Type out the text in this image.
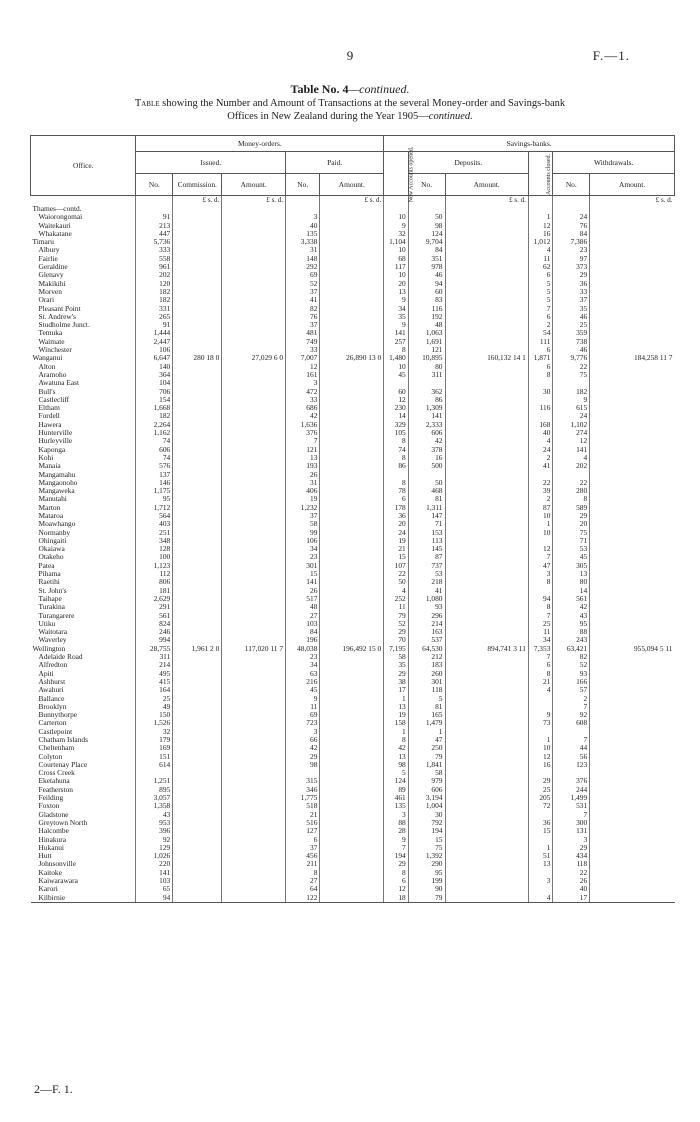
9	F.—1.
Table No. 4—continued.
Table showing the Number and Amount of Transactions at the several Money-order and Savings-bank
Offices in New Zealand during the Year 1905—continued.
Office.	Money-orders.					Savings-banks.					
	Issued.			Paid.		New Accounts opened.	Deposits.		Accounts closed.	Withdrawals.	
	No.	Commission.	Amount.	No.	Amount.		No.	Amount.		No.	Amount.
		£ s. d.	£ s. d.		£ s. d.			£ s. d.			£ s. d.
Thames—contd.											
Waiorongomai	91			3		10	50		1	24	
Waitekauri	213			40		9	98		12	76	
Whakatane	447			135		32	124		16	84	
Timaru	5,736			3,338		1,104	9,704		1,012	7,386	
Albury	333			31		10	84		4	23	
Fairlie	558			148		68	351		11	97	
Geraldine	961			292		117	978		62	373	
Glenavy	202			69		10	46		6	29	
Makikihi	120			52		20	94		5	36	
Morven	182			37		13	60		5	33	
Orari	182			41		9	83		5	37	
Pleasant Point	331			82		34	116		7	35	
St. Andrew's	265			76		35	192		6	46	
Studholme Junct.	91			37		9	48		2	25	
Temuka	1,444			481		141	1,063		54	359	
Waimate	2,447			749		257	1,691		111	738	
Winchester	106			33		8	121		6	46	
Wanganui	6,647	280 18 0	27,029 6 0	7,007	26,890 13 0	1,480	10,895	160,132 14 1	1,871	9,776	184,258 11 7
Alton	140			12		10	80		6	22	
Aramoho	364			161		45	311		8	75	
Awatuna East	104			3							
Bull's	706			472		60	362		30	182	
Castlecliff	154			33		12	86			9	
Eltham	1,668			686		230	1,309		116	615	
Fordell	182			42		14	141			24	
Hawera	2,264			1,636		329	2,333		168	1,102	
Hunterville	1,162			376		105	606		40	274	
Hurleyville	74			7		8	42		4	12	
Kaponga	606			121		74	378		24	141	
Kohi	74			13		8	16		2	4	
Manaia	576			193		86	500		41	202	
Mangamahu	137			26							
Mangaonoho	146			31		8	50		22	22	
Mangaweka	1,175			406		78	468		39	280	
Manutahi	95			19		6	81		2	8	
Marton	1,712			1,232		178	1,311		87	589	
Mataroa	564			37		36	147		10	29	
Moawhango	403			58		20	71		1	20	
Normanby	251			99		24	153		10	75	
Ohingaiti	348			106		19	113			71	
Okaiawa	128			34		21	145		12	53	
Otakeho	100			23		15	87		7	45	
Patea	1,123			301		107	737		47	305	
Pihama	112			15		22	53		3	13	
Raetihi	806			141		50	218		8	80	
St. John's	181			26		4	41			14	
Taihape	2,629			517		252	1,080		94	561	
Turakina	291			48		11	93		8	42	
Turangarere	561			27		79	296		7	43	
Utiku	824			103		52	214		25	95	
Waitotara	246			84		29	163		11	88	
Waverley	994			196		70	537		34	243	
Wellington	28,755	1,961 2 0	117,020 11 7	48,038	196,492 15 0	7,195	64,530	894,741 3 11	7,353	63,421	955,094 5 11
Adelaide Road	311			23		58	212		7	82	
Alfredton	214			34		35	183		6	52	
Apiti	495			63		29	260		8	93	
Ashhurst	415			216		38	301		21	166	
Awahuri	164			45		17	118		4	57	
Ballance	25			9		1	5			2	
Brooklyn	49			11		13	81			7	
Bunnythorpe	150			69		19	165		9	92	
Carterton	1,526			723		158	1,479		73	608	
Castlepoint	32			3		1	1				
Chatham Islands	179			66		8	47		1	7	
Cheltenham	169			42		42	250		10	44	
Colyton	151			29		13	79		12	56	
Courtenay Place	614			98		98	1,841		16	123	
Cross Creek						5	58				
Eketahuna	1,251			315		124	979		29	376	
Featherston	895			346		89	606		25	244	
Feilding	3,057			1,775		461	3,194		205	1,499	
Foxton	1,358			518		135	1,004		72	531	
Gladstone	43			21		3	30			7	
Greytown North	953			516		88	792		36	300	
Halcombe	396			127		28	194		15	131	
Hinakura	92			6		9	15			3	
Hukanui	129			37		7	75		1	29	
Hutt	1,026			456		194	1,392		51	434	
Johnsonville	220			211		29	290		13	118	
Kaitoke	141			8		8	95			22	
Kaiwarawara	103			27		6	199		3	26	
Karori	65			64		12	90			40	
Kilbirnie	94			122		18	79		4	17	
2—F. 1.
